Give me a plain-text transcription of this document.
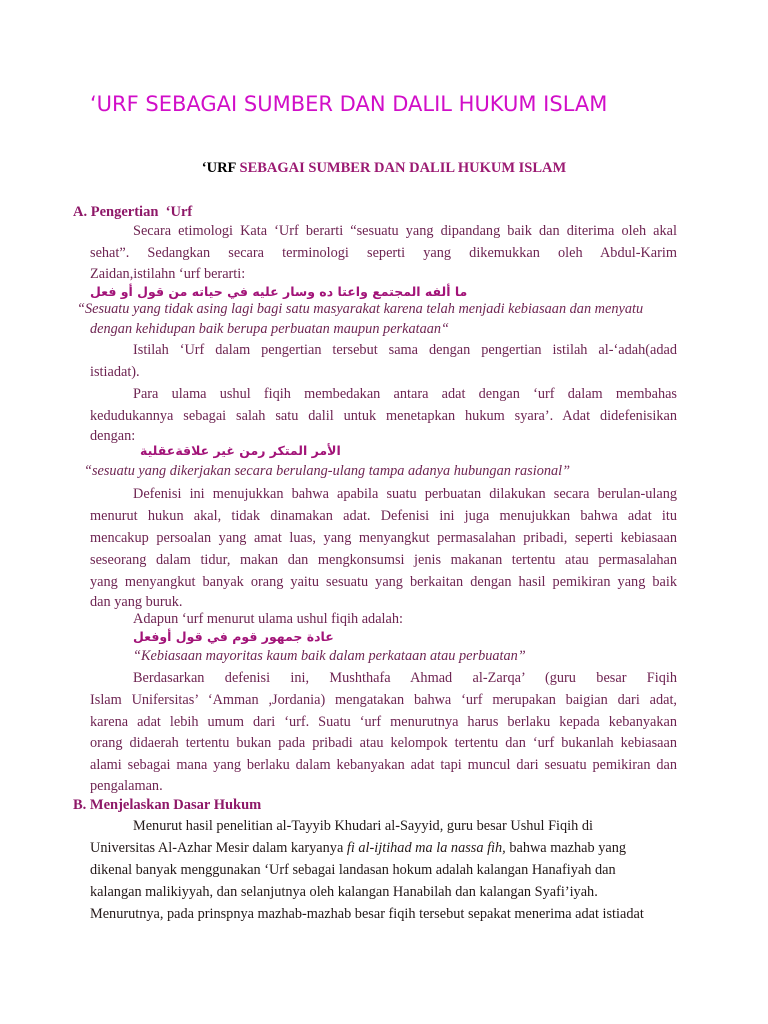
‘URF SEBAGAI SUMBER DAN DALIL HUKUM ISLAM
‘URF SEBAGAI SUMBER DAN DALIL HUKUM ISLAM
A. Pengertian ‘Urf
Secara etimologi Kata ‘Urf berarti “sesuatu yang dipandang baik dan diterima oleh akal
sehat”. Sedangkan secara terminologi seperti yang dikemukkan oleh Abdul-Karim
Zaidan,istilahn ‘urf berarti:
ما ألفه المجتمع واعتا ده وسار عليه في حياته من قول أو فعل
“Sesuatu yang tidak asing lagi bagi satu masyarakat karena telah menjadi kebiasaan dan menyatu
dengan kehidupan baik berupa perbuatan maupun perkataan“
Istilah ‘Urf dalam pengertian tersebut sama dengan pengertian istilah al-‘adah(adad
istiadat).
Para ulama ushul fiqih membedakan antara adat dengan ‘urf dalam membahas
kedudukannya sebagai salah satu dalil untuk menetapkan hukum syara’. Adat didefenisikan
dengan:
الأمر المتكر رمن غير علاقةعقلية
“sesuatu yang dikerjakan secara berulang-ulang tampa adanya hubungan rasional”
Defenisi ini menujukkan bahwa apabila suatu perbuatan dilakukan secara berulan-ulang
menurut hukun akal, tidak dinamakan adat. Defenisi ini juga menujukkan bahwa adat itu
mencakup persoalan yang amat luas, yang menyangkut permasalahan pribadi, seperti kebiasaan
seseorang dalam tidur, makan dan mengkonsumsi jenis makanan tertentu atau permasalahan
yang menyangkut banyak orang yaitu sesuatu yang berkaitan dengan hasil pemikiran yang baik
dan yang buruk.
Adapun ‘urf menurut ulama ushul fiqih adalah:
عادة جمهور قوم في قول أوفعل
“Kebiasaan mayoritas kaum baik dalam perkataan atau perbuatan”
Berdasarkan defenisi ini, Mushthafa Ahmad al-Zarqa’ (guru besar Fiqih
Islam Unifersitas’ ‘Amman ,Jordania) mengatakan bahwa ‘urf merupakan baigian dari adat,
karena adat lebih umum dari ‘urf. Suatu ‘urf menurutnya harus berlaku kepada kebanyakan
orang didaerah tertentu bukan pada pribadi atau kelompok tertentu dan ‘urf bukanlah kebiasaan
alami sebagai mana yang berlaku dalam kebanyakan adat tapi muncul dari sesuatu pemikiran dan
pengalaman.
B. Menjelaskan Dasar Hukum
Menurut hasil penelitian al-Tayyib Khudari al-Sayyid, guru besar Ushul Fiqih di
Universitas Al-Azhar Mesir dalam karyanya fi al-ijtihad ma la nassa fih, bahwa mazhab yang
dikenal banyak menggunakan ‘Urf sebagai landasan hokum adalah kalangan Hanafiyah dan
kalangan malikiyyah, dan selanjutnya oleh kalangan Hanabilah dan kalangan Syafi’iyah.
Menurutnya, pada prinspnya mazhab-mazhab besar fiqih tersebut sepakat menerima adat istiadat
